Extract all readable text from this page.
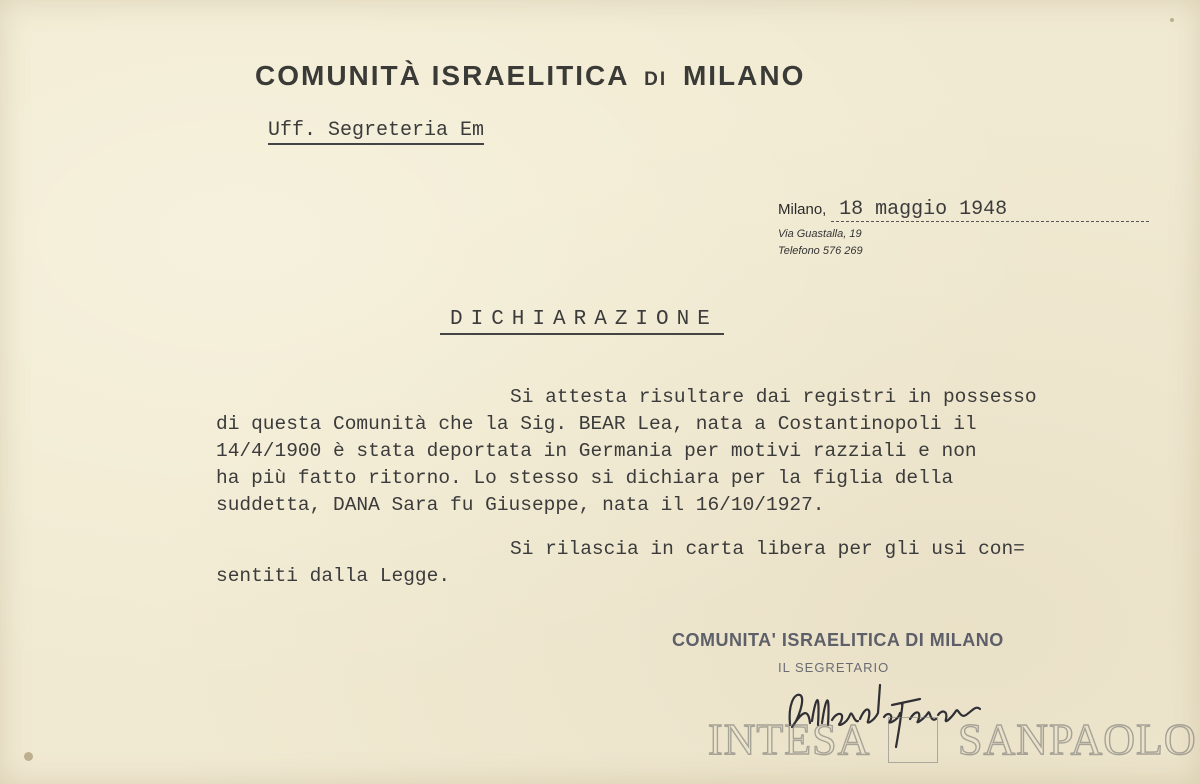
COMUNITÀ ISRAELITICA DI MILANO
Uff. Segreteria Em
Milano, 18 maggio 1948
Via Guastalla, 19
Telefono 576 269
DICHIARAZIONE
Si attesta risultare dai registri in possesso
di questa Comunità che la Sig. BEAR Lea, nata a Costantinopoli il
14/4/1900 è stata deportata in Germania per motivi razziali e non
ha più fatto ritorno. Lo stesso si dichiara per la figlia della
suddetta, DANA Sara fu Giuseppe, nata il 16/10/1927.
Si rilascia in carta libera per gli usi con=
sentiti dalla Legge.
COMUNITA' ISRAELITICA DI MILANO
IL SEGRETARIO
INTESA SANPAOLO
